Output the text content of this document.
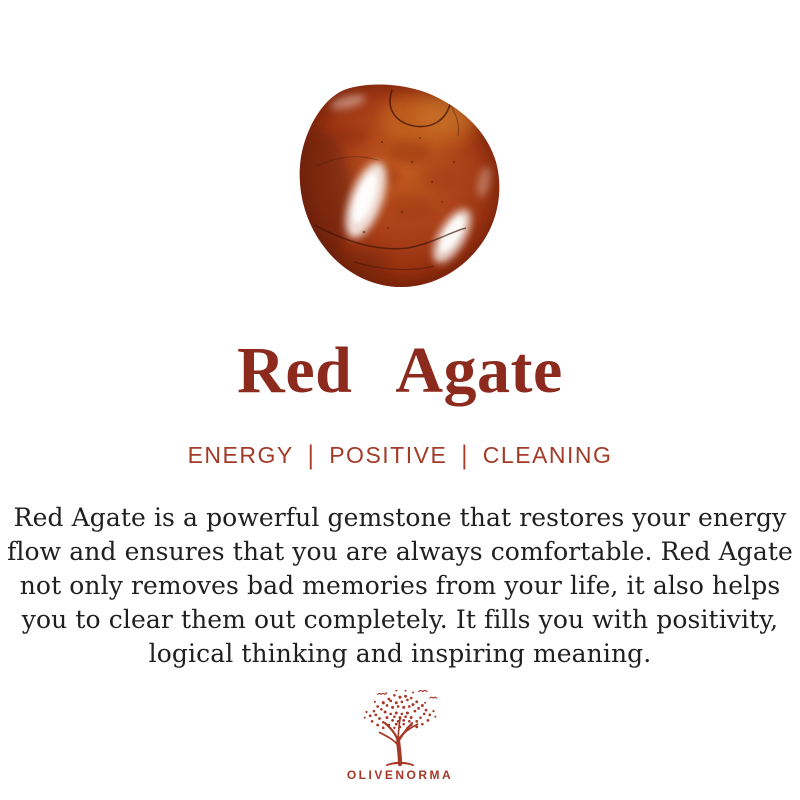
Red Agate
ENERGY | POSITIVE | CLEANING
Red Agate is a powerful gemstone that restores your energy
flow and ensures that you are always comfortable. Red Agate
not only removes bad memories from your life, it also helps
you to clear them out completely. It fills you with positivity,
logical thinking and inspiring meaning.
OLIVENORMA
